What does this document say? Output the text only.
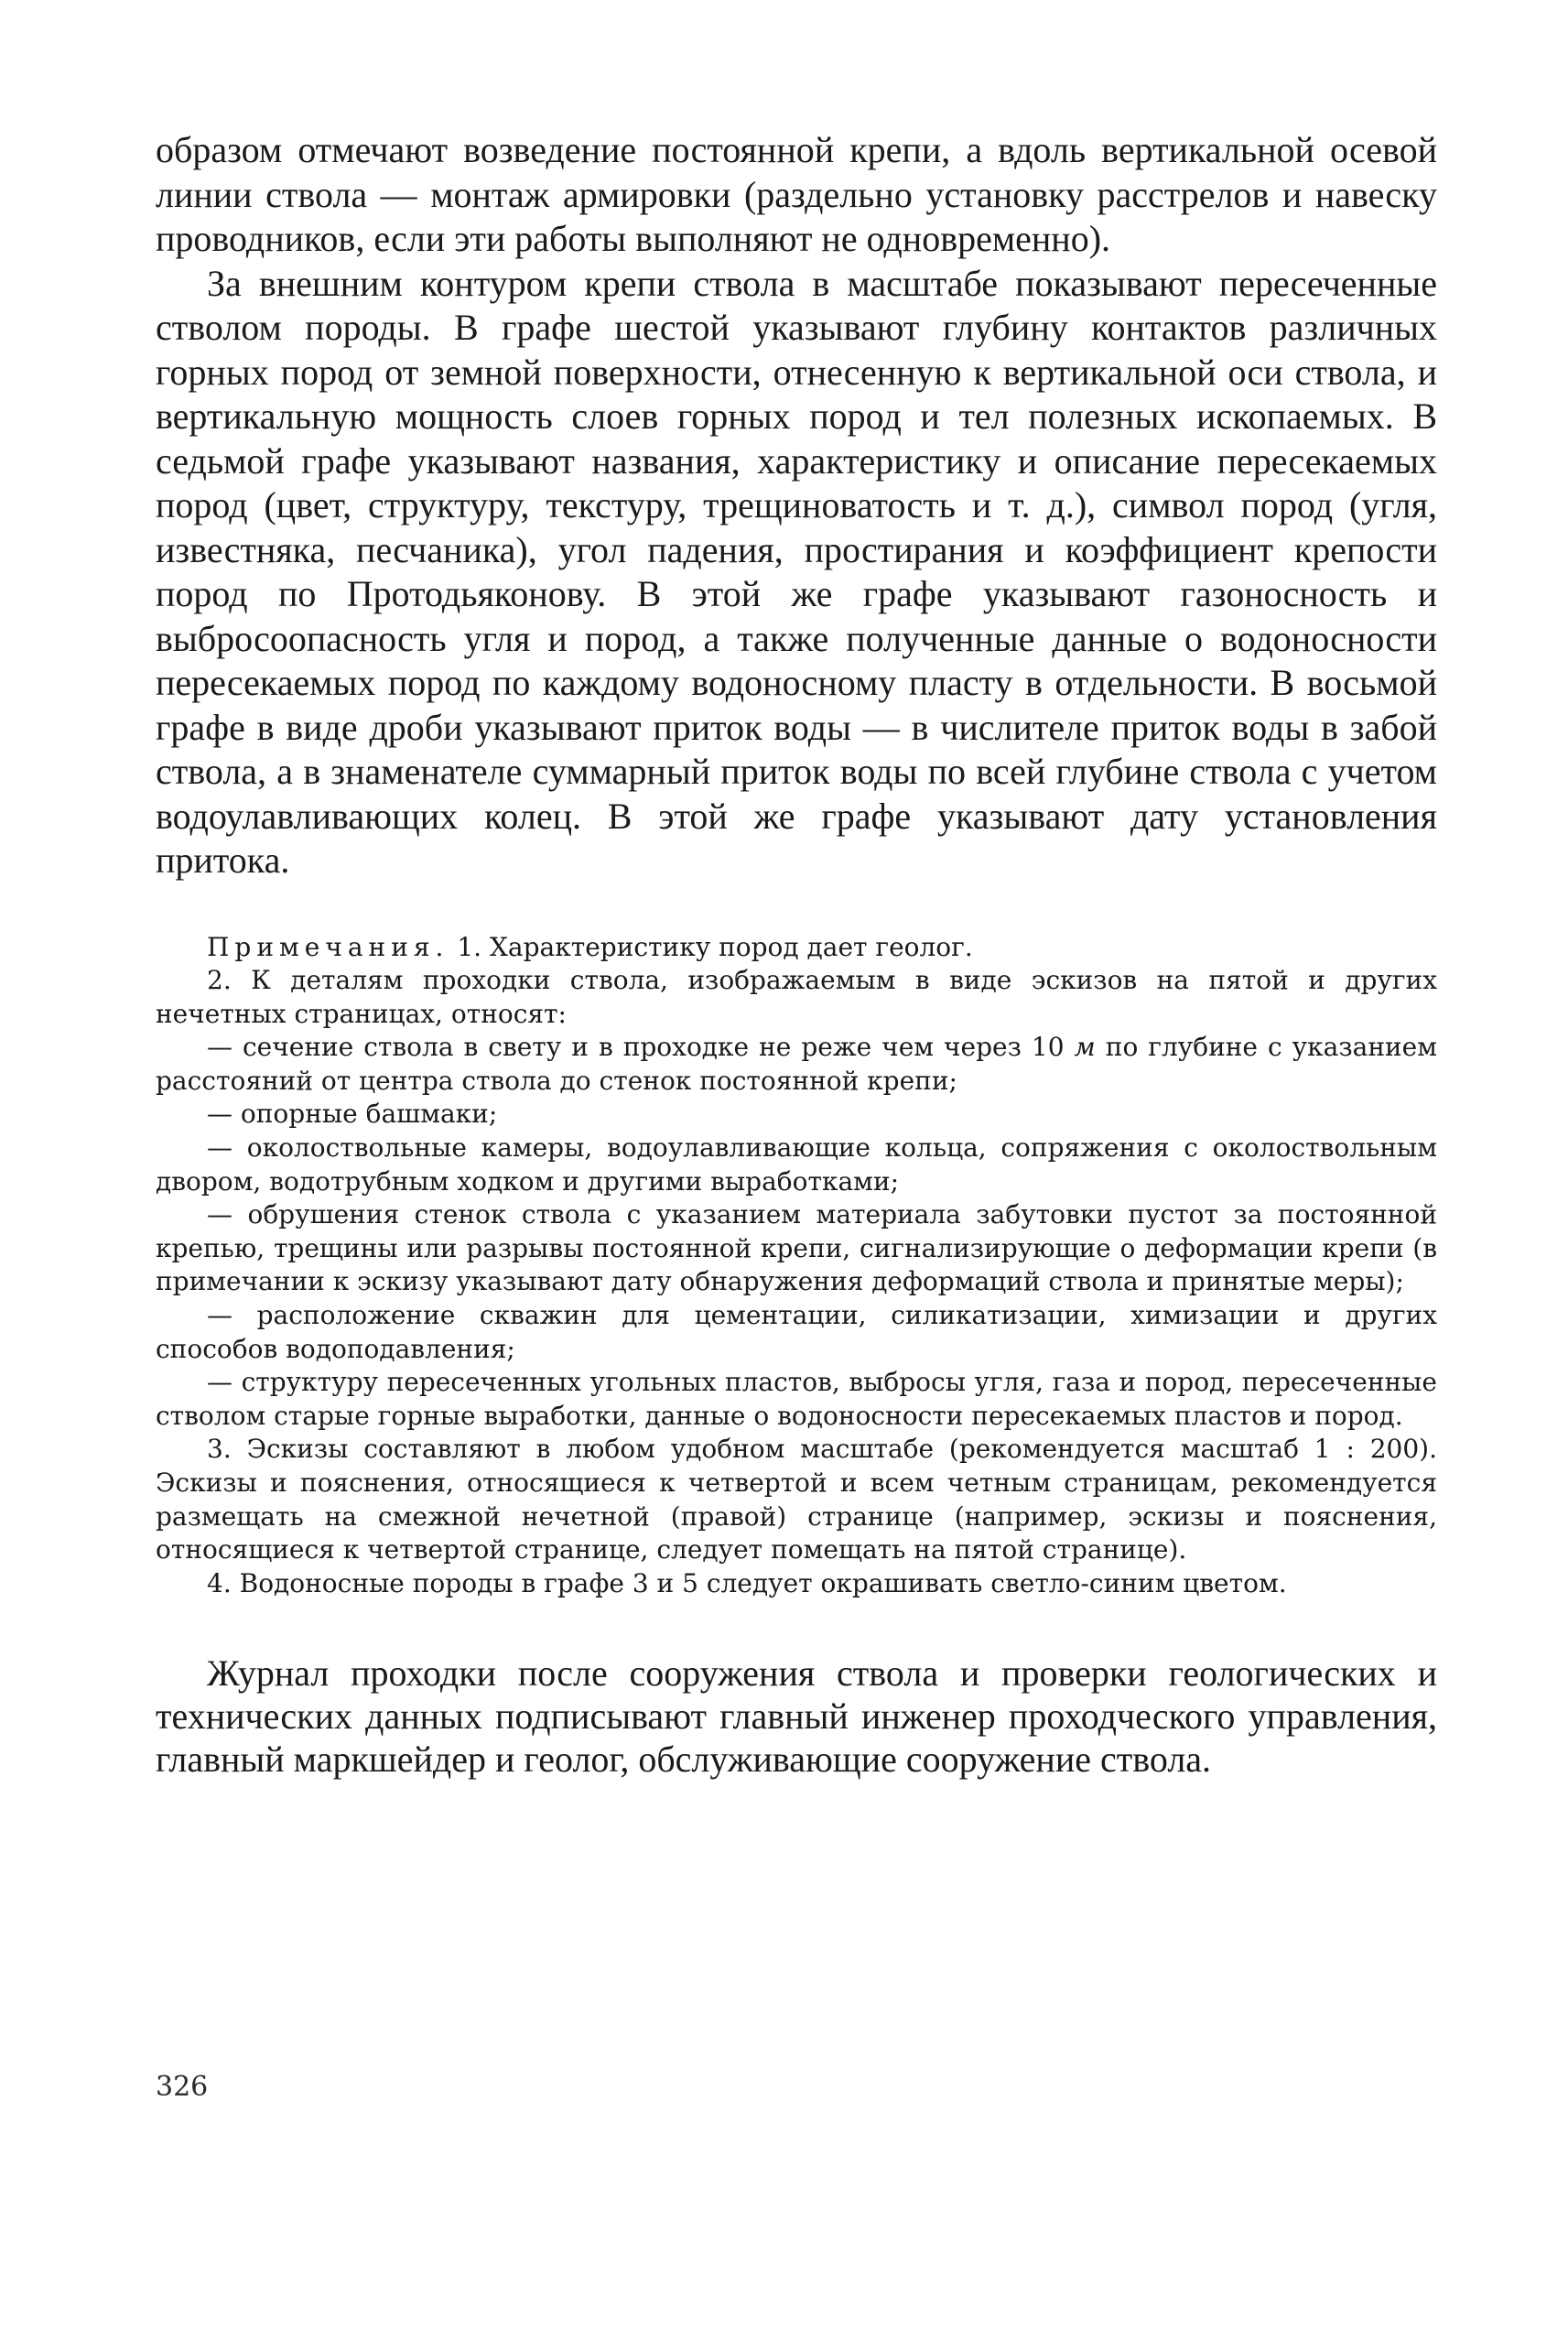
образом отмечают возведение постоянной крепи, а вдоль вертикальной осевой линии ствола — монтаж армировки (раздельно установку расстрелов и навеску проводников, если эти работы выполняют не одновременно).

За внешним контуром крепи ствола в масштабе показывают пересеченные стволом породы. В графе шестой указывают глубину контактов различных горных пород от земной поверхности, отнесенную к вертикальной оси ствола, и вертикальную мощность слоев горных пород и тел полезных ископаемых. В седьмой графе указывают названия, характеристику и описание пересекаемых пород (цвет, структуру, текстуру, трещиноватость и т. д.), символ пород (угля, известняка, песчаника), угол падения, простирания и коэффициент крепости пород по Протодьяконову. В этой же графе указывают газоносность и выбросоопасность угля и пород, а также полученные данные о водоносности пересекаемых пород по каждому водоносному пласту в отдельности. В восьмой графе в виде дроби указывают приток воды — в числителе приток воды в забой ствола, а в знаменателе суммарный приток воды по всей глубине ствола с учетом водоулавливающих колец. В этой же графе указывают дату установления притока.

Примечания. 1. Характеристику пород дает геолог.

2. К деталям проходки ствола, изображаемым в виде эскизов на пятой и других нечетных страницах, относят:

— сечение ствола в свету и в проходке не реже чем через 10 м по глубине с указанием расстояний от центра ствола до стенок постоянной крепи;

— опорные башмаки;

— околоствольные камеры, водоулавливающие кольца, сопряжения с околоствольным двором, водотрубным ходком и другими выработками;

— обрушения стенок ствола с указанием материала забутовки пустот за постоянной крепью, трещины или разрывы постоянной крепи, сигнализирующие о деформации крепи (в примечании к эскизу указывают дату обнаружения деформаций ствола и принятые меры);

— расположение скважин для цементации, силикатизации, химизации и других способов водоподавления;

— структуру пересеченных угольных пластов, выбросы угля, газа и пород, пересеченные стволом старые горные выработки, данные о водоносности пересекаемых пластов и пород.

3. Эскизы составляют в любом удобном масштабе (рекомендуется масштаб 1 : 200). Эскизы и пояснения, относящиеся к четвертой и всем четным страницам, рекомендуется размещать на смежной нечетной (правой) странице (например, эскизы и пояснения, относящиеся к четвертой странице, следует помещать на пятой странице).

4. Водоносные породы в графе 3 и 5 следует окрашивать светло-синим цветом.

Журнал проходки после сооружения ствола и проверки геологических и технических данных подписывают главный инженер проходческого управления, главный маркшейдер и геолог, обслуживающие сооружение ствола.

326
